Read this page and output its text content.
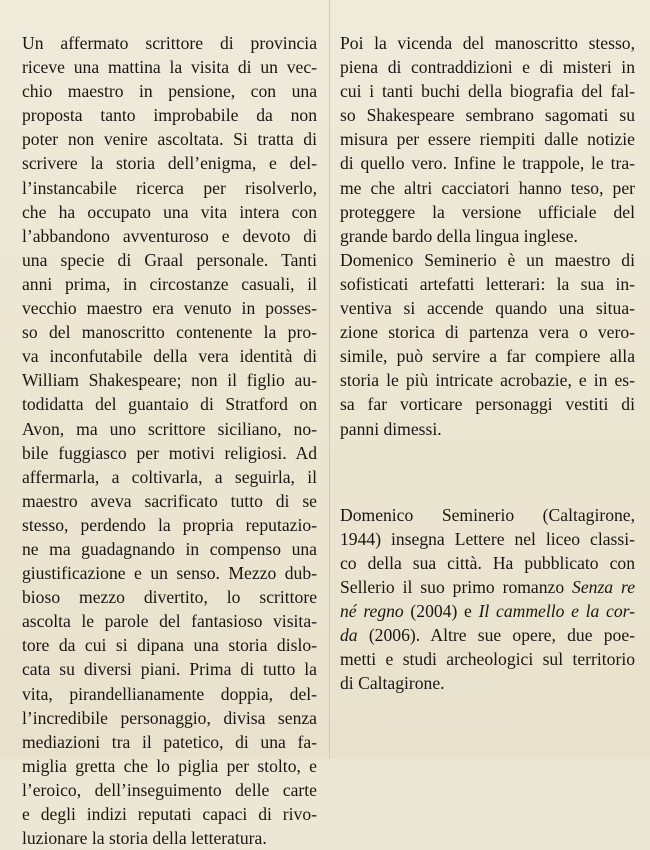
Un affermato scrittore di provincia
riceve una mattina la visita di un vec-
chio maestro in pensione, con una
proposta tanto improbabile da non
poter non venire ascoltata. Si tratta di
scrivere la storia dell’enigma, e del-
l’instancabile ricerca per risolverlo,
che ha occupato una vita intera con
l’abbandono avventuroso e devoto di
una specie di Graal personale. Tanti
anni prima, in circostanze casuali, il
vecchio maestro era venuto in posses-
so del manoscritto contenente la pro-
va inconfutabile della vera identità di
William Shakespeare; non il figlio au-
todidatta del guantaio di Stratford on
Avon, ma uno scrittore siciliano, no-
bile fuggiasco per motivi religiosi. Ad
affermarla, a coltivarla, a seguirla, il
maestro aveva sacrificato tutto di se
stesso, perdendo la propria reputazio-
ne ma guadagnando in compenso una
giustificazione e un senso. Mezzo dub-
bioso mezzo divertito, lo scrittore
ascolta le parole del fantasioso visita-
tore da cui si dipana una storia dislo-
cata su diversi piani. Prima di tutto la
vita, pirandellianamente doppia, del-
l’incredibile personaggio, divisa senza
mediazioni tra il patetico, di una fa-
miglia gretta che lo piglia per stolto, e
l’eroico, dell’inseguimento delle carte
e degli indizi reputati capaci di rivo-
luzionare la storia della letteratura.
Poi la vicenda del manoscritto stesso,
piena di contraddizioni e di misteri in
cui i tanti buchi della biografia del fal-
so Shakespeare sembrano sagomati su
misura per essere riempiti dalle notizie
di quello vero. Infine le trappole, le tra-
me che altri cacciatori hanno teso, per
proteggere la versione ufficiale del
grande bardo della lingua inglese.
Domenico Seminerio è un maestro di
sofisticati artefatti letterari: la sua in-
ventiva si accende quando una situa-
zione storica di partenza vera o vero-
simile, può servire a far compiere alla
storia le più intricate acrobazie, e in es-
sa far vorticare personaggi vestiti di
panni dimessi.
Domenico Seminerio (Caltagirone,
1944) insegna Lettere nel liceo classi-
co della sua città. Ha pubblicato con
Sellerio il suo primo romanzo Senza re
né regno (2004) e Il cammello e la cor-
da (2006). Altre sue opere, due poe-
metti e studi archeologici sul territorio
di Caltagirone.
